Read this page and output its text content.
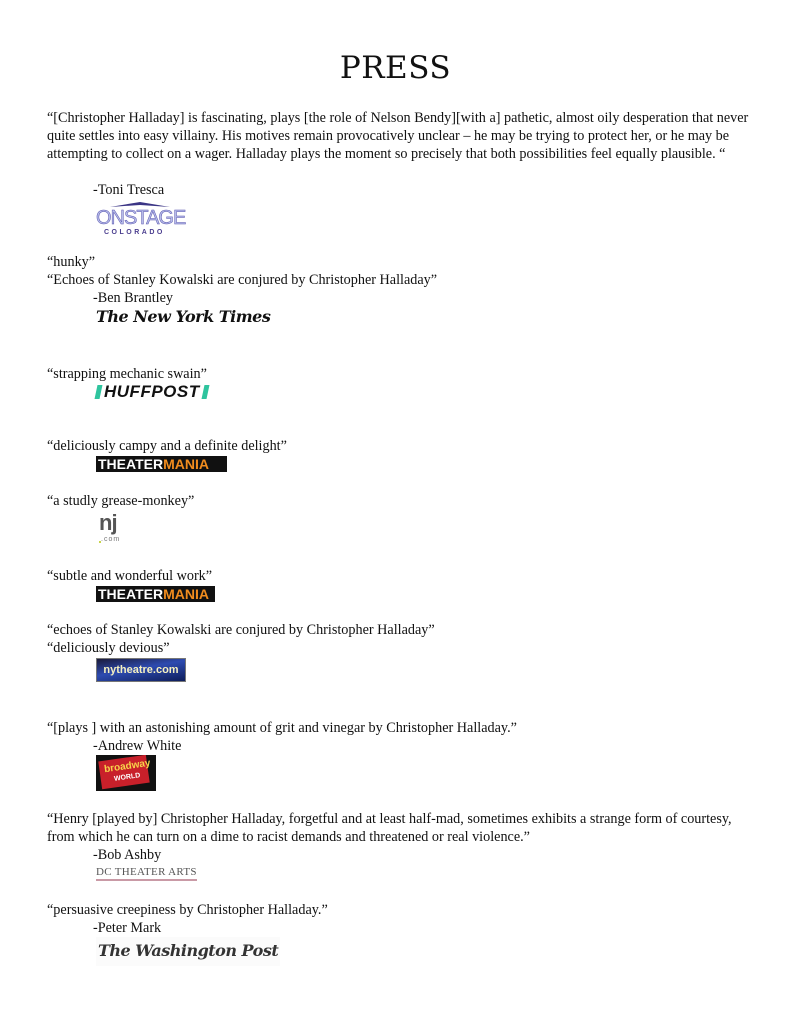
PRESS
“[Christopher Halladay] is fascinating, plays [the role of Nelson Bendy][with a] pathetic, almost oily desperation that never quite settles into easy villainy. His motives remain provocatively unclear – he may be trying to protect her, or he may be attempting to collect on a wager. Halladay plays the moment so precisely that both possibilities feel equally plausible. “
-Toni Tresca
ONSTAGE
COLORADO
“hunky”
“Echoes of Stanley Kowalski are conjured by Christopher Halladay”
-Ben Brantley
The New York Times
“strapping mechanic swain”
HUFFPOST
“deliciously campy and a definite delight”
THEATER MANIA
“a studly grease-monkey”
nj
.com
“subtle and wonderful work”
THEATER MANIA
“echoes of Stanley Kowalski are conjured by Christopher Halladay”
“deliciously devious”
nytheatre.com
“[plays ] with an astonishing amount of grit and vinegar by Christopher Halladay.”
-Andrew White
broadway
WORLD
“Henry [played by] Christopher Halladay, forgetful and at least half-mad, sometimes exhibits a strange form of courtesy, from which he can turn on a dime to racist demands and threatened or real violence.”
-Bob Ashby
DC THEATER ARTS
“persuasive creepiness by Christopher Halladay.”
-Peter Mark
The Washington Post
